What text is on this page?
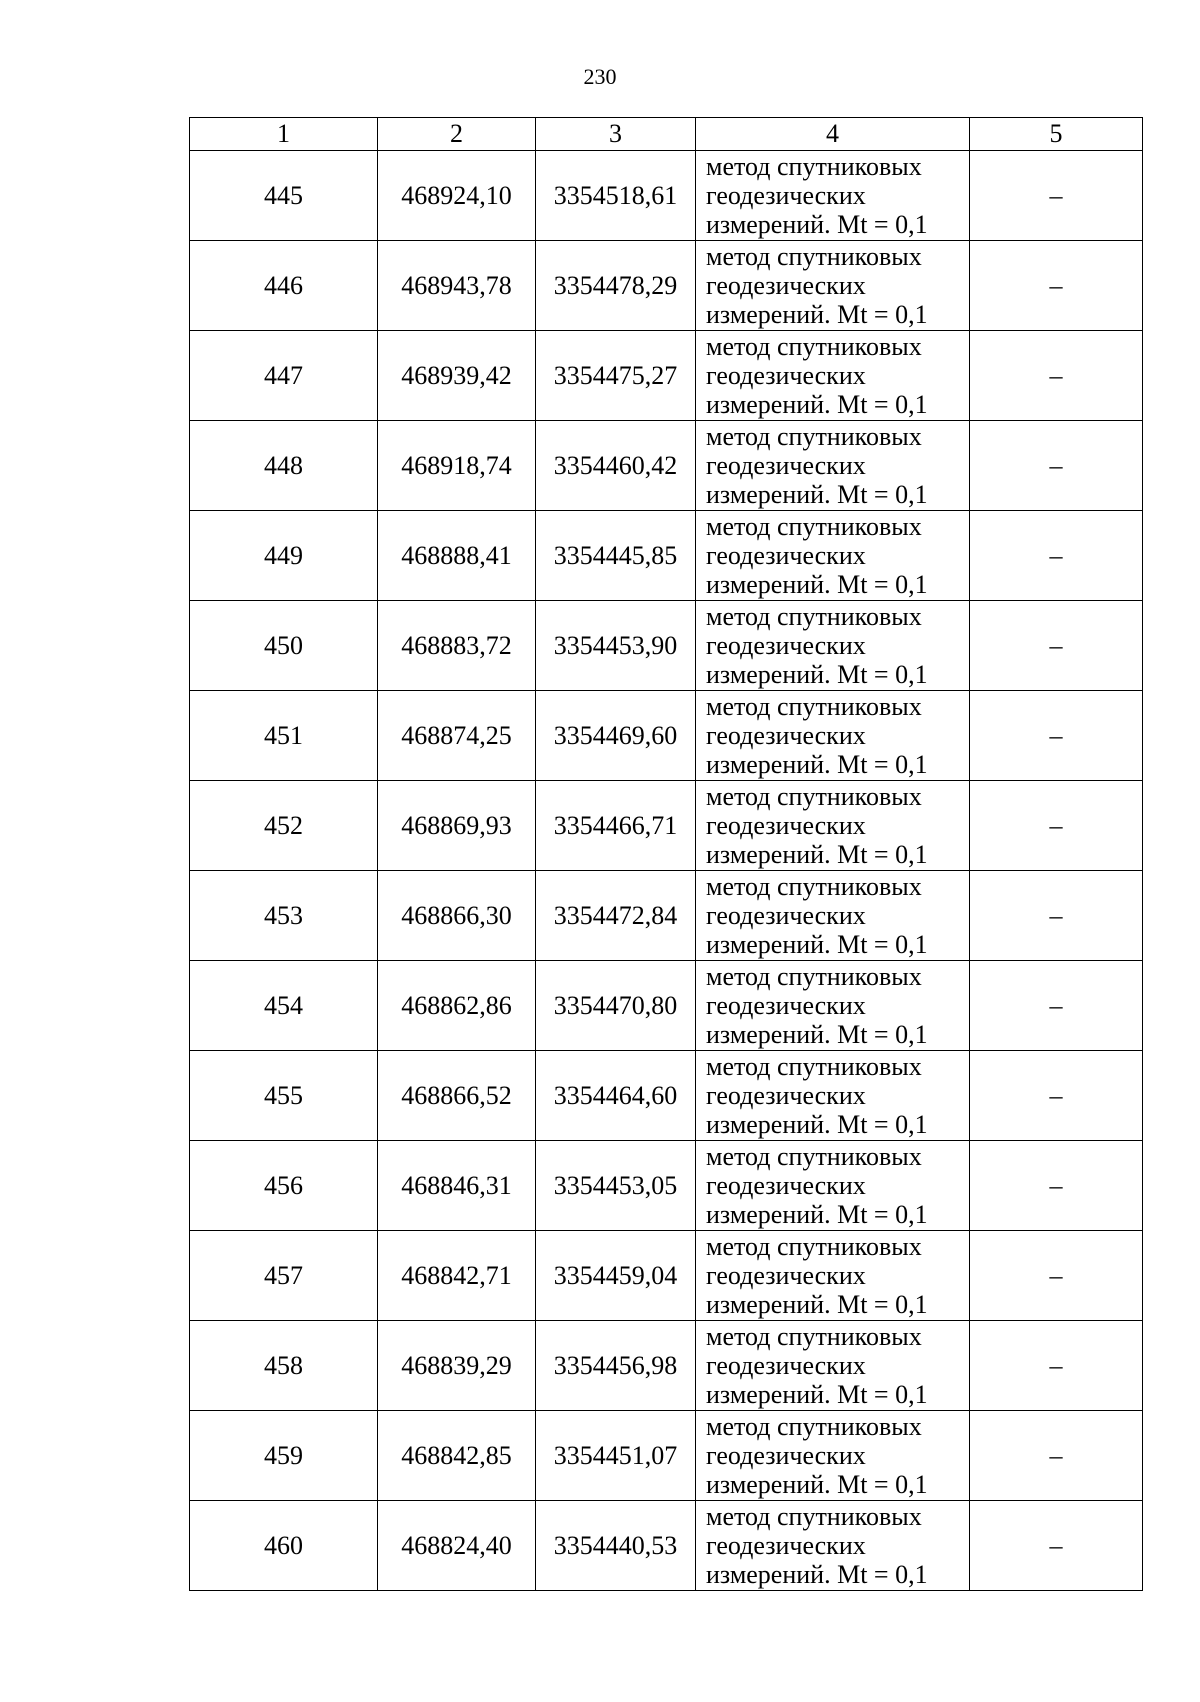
230
1	2	3	4	5
445	468924,10	3354518,61	метод спутниковых
геодезических
измерений. Mt = 0,1	–
446	468943,78	3354478,29	метод спутниковых
геодезических
измерений. Mt = 0,1	–
447	468939,42	3354475,27	метод спутниковых
геодезических
измерений. Mt = 0,1	–
448	468918,74	3354460,42	метод спутниковых
геодезических
измерений. Mt = 0,1	–
449	468888,41	3354445,85	метод спутниковых
геодезических
измерений. Mt = 0,1	–
450	468883,72	3354453,90	метод спутниковых
геодезических
измерений. Mt = 0,1	–
451	468874,25	3354469,60	метод спутниковых
геодезических
измерений. Mt = 0,1	–
452	468869,93	3354466,71	метод спутниковых
геодезических
измерений. Mt = 0,1	–
453	468866,30	3354472,84	метод спутниковых
геодезических
измерений. Mt = 0,1	–
454	468862,86	3354470,80	метод спутниковых
геодезических
измерений. Mt = 0,1	–
455	468866,52	3354464,60	метод спутниковых
геодезических
измерений. Mt = 0,1	–
456	468846,31	3354453,05	метод спутниковых
геодезических
измерений. Mt = 0,1	–
457	468842,71	3354459,04	метод спутниковых
геодезических
измерений. Mt = 0,1	–
458	468839,29	3354456,98	метод спутниковых
геодезических
измерений. Mt = 0,1	–
459	468842,85	3354451,07	метод спутниковых
геодезических
измерений. Mt = 0,1	–
460	468824,40	3354440,53	метод спутниковых
геодезических
измерений. Mt = 0,1	–
